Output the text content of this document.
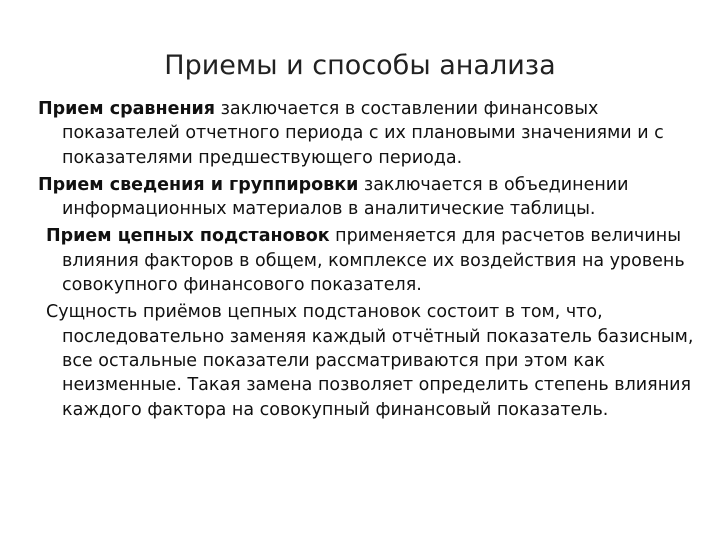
Приемы и способы анализа

Прием сравнения заключается в составлении финансовых показателей отчетного периода с их плановыми значениями и с показателями предшествующего периода.

Прием сведения и группировки заключается в объединении информационных материалов в аналитические таблицы.

Прием цепных подстановок применяется для расчетов величины влияния факторов в общем, комплексе их воздействия на уровень совокупного финансового показателя.

Сущность приёмов цепных подстановок состоит в том, что, последовательно заменяя каждый отчётный показатель базисным, все остальные показатели рассматриваются при этом как неизменные. Такая замена позволяет определить степень влияния каждого фактора на совокупный финансовый показатель.
